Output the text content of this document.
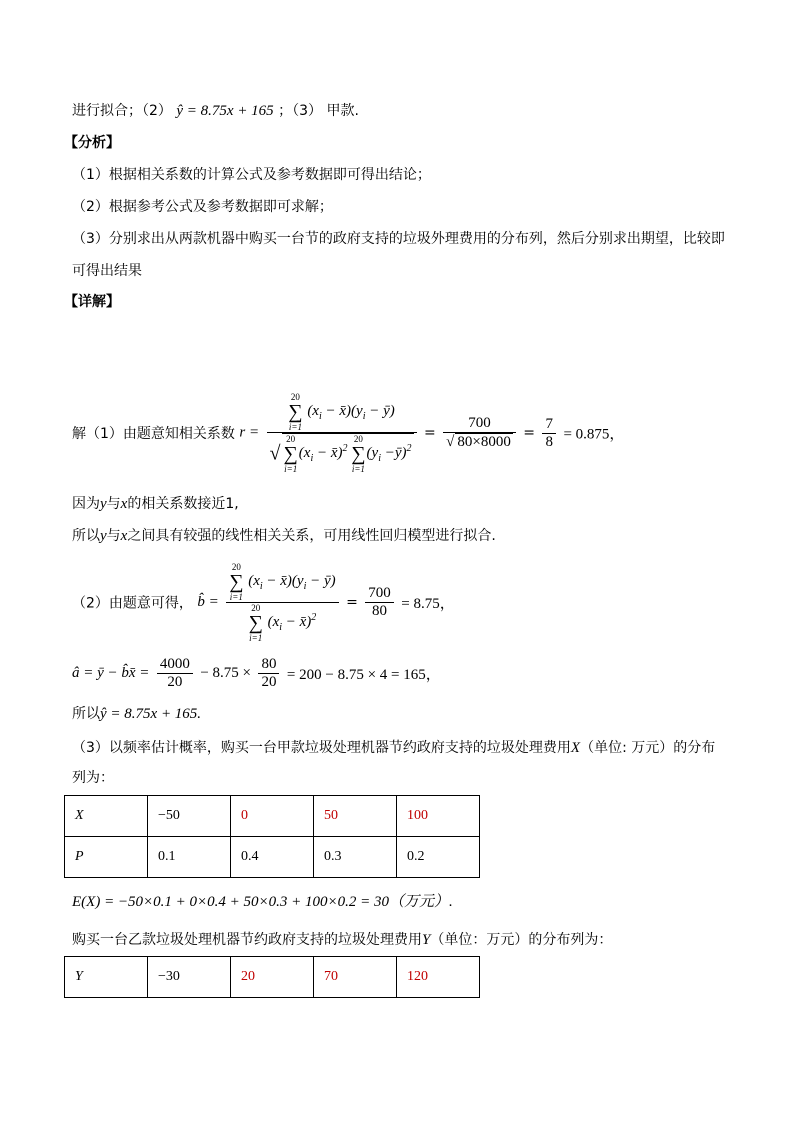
进行拟合；（2） ŷ = 8.75x + 165 ；（3） 甲款.
【分析】
（1）根据相关系数的计算公式及参考数据即可得出结论；
（2）根据参考公式及参考数据即可求解；
（3）分别求出从两款机器中购买一台节的政府支持的垃圾外理费用的分布列，然后分别求出期望，比较即
可得出结果
【详解】
解（1）由题意知相关系数 r = 20
∑
i=1
($x_i$ − $x̄)(y_i$ − ȳ)
√
20
∑
i=1
($x_i$ − x̄)$^2$
20
∑
i=1
($y_i$ −ȳ)$^2$ = $\frac{700}{√ 80\times 8000} = \frac{7}{8} = 0.875$，
因为y与x的相关系数接近1,
所以y与x之间具有较强的线性相关关系，可用线性回归模型进行拟合.
（2）由题意可得， b̂ = 20
∑
i=1
($x_i$ − $x̄)(y_i$ − ȳ)
20
∑
i=1
($x_i$ − x̄)$^2$ = $\frac{700}{80} = 8.75$，
â = ȳ − b̂x̄ = $\frac{4000}{20} - 8.75 \times \frac{80}{20} = 200 - 8.75 \times 4 = 165$，
所以ŷ = 8.75x + 165.
（3）以频率估计概率，购买一台甲款垃圾处理机器节约政府支持的垃圾处理费用X（单位: 万元）的分布
列为：
X	−50	0	50	100
P	0.1	0.4	0.3	0.2
E(X) = −50×0.1 + 0×0.4 + 50×0.3 + 100×0.2 = 30（万元）.
购买一台乙款垃圾处理机器节约政府支持的垃圾处理费用Y（单位：万元）的分布列为：
Y	−30	20	70	120
